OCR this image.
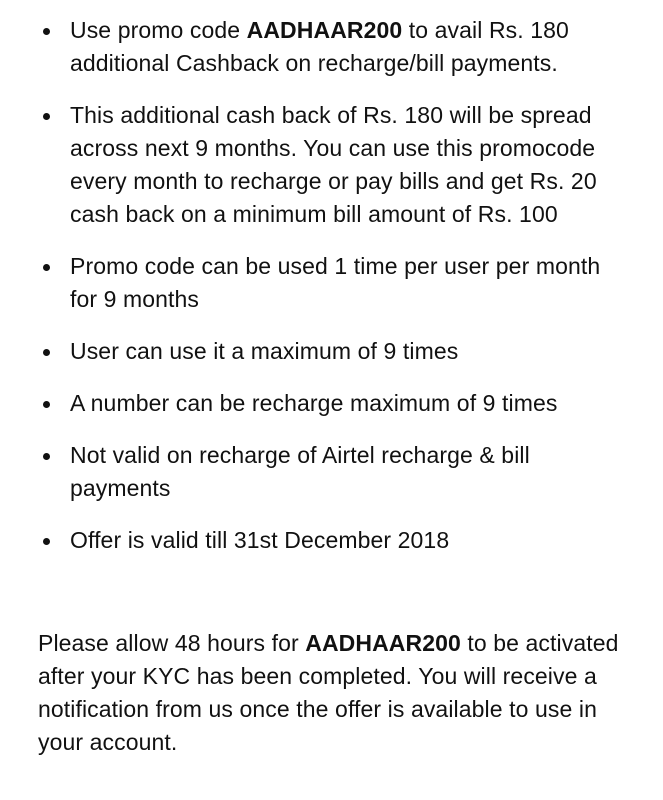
Use promo code AADHAAR200 to avail Rs. 180 additional Cashback on recharge/bill payments.
This additional cash back of Rs. 180 will be spread across next 9 months. You can use this promocode every month to recharge or pay bills and get Rs. 20 cash back on a minimum bill amount of Rs. 100
Promo code can be used 1 time per user per month for 9 months
User can use it a maximum of 9 times
A number can be recharge maximum of 9 times
Not valid on recharge of Airtel recharge & bill payments
Offer is valid till 31st December 2018

Please allow 48 hours for AADHAAR200 to be activated after your KYC has been completed. You will receive a notification from us once the offer is available to use in your account.
